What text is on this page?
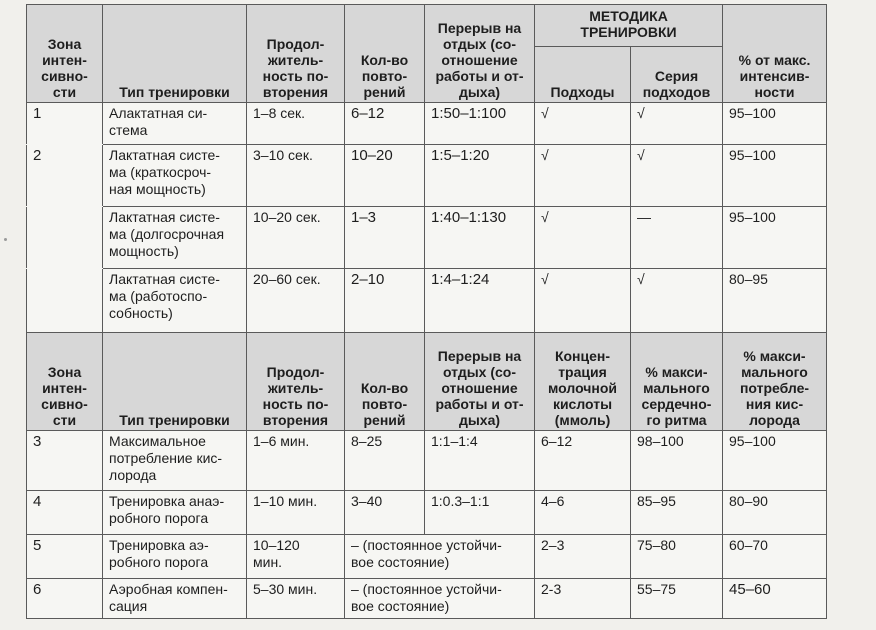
Зона
интен-
сивно-
сти	Тип тренировки	Продол-
житель-
ность по-
вторения	Кол-во
повто-
рений	Перерыв на
отдых (со-
отношение
работы и от-
дыха)	МЕТОДИКА
ТРЕНИРОВКИ		% от макс.
интенсив-
ности
					Подходы	Серия
подходов	
1	Алактатная си-
стема	1–8 сек.	6–12	1:50–1:100	√	√	95–100
2	Лактатная систе-
ма (краткосроч-
ная мощность)	3–10 сек.	10–20	1:5–1:20	√	√	95–100
	Лактатная систе-
ма (долгосрочная
мощность)	10–20 сек.	1–3	1:40–1:130	√	—	95–100
	Лактатная систе-
ма (работоспо-
собность)	20–60 сек.	2–10	1:4–1:24	√	√	80–95
Зона
интен-
сивно-
сти	Тип тренировки	Продол-
житель-
ность по-
вторения	Кол-во
повто-
рений	Перерыв на
отдых (со-
отношение
работы и от-
дыха)	Концен-
трация
молочной
кислоты
(ммоль)	% макси-
мального
сердечно-
го ритма	% макси-
мального
потребле-
ния кис-
лорода
3	Максимальное
потребление кис-
лорода	1–6 мин.	8–25	1:1–1:4	6–12	98–100	95–100
4	Тренировка анаэ-
робного порога	1–10 мин.	3–40	1:0.3–1:1	4–6	85–95	80–90
5	Тренировка аэ-
робного порога	10–120
мин.	– (постоянное устойчи-
вое состояние)		2–3	75–80	60–70
6	Аэробная компен-
сация	5–30 мин.	– (постоянное устойчи-
вое состояние)		2-3	55–75	45–60
